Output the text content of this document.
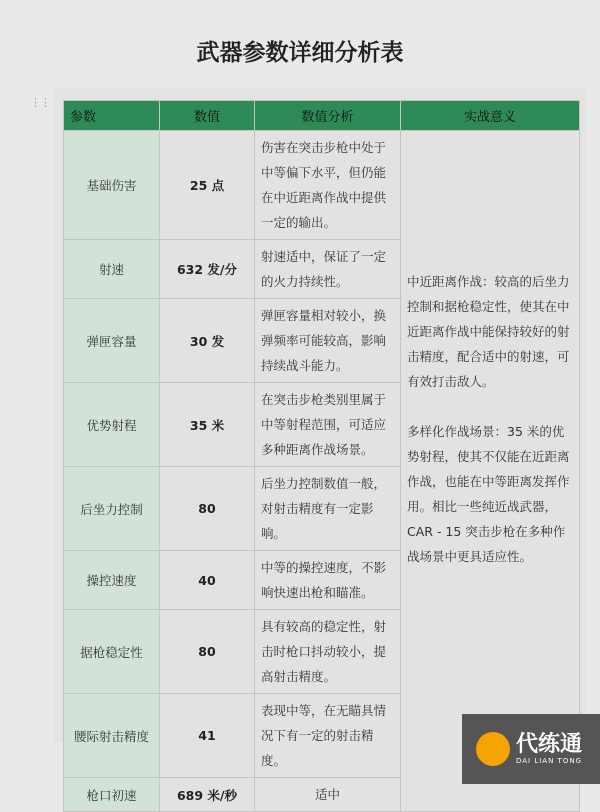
武器参数详细分析表
⋮⋮
参数	数值	数值分析	实战意义
基础伤害	25 点	伤害在突击步枪中处于中等偏下水平，但仍能在中近距离作战中提供一定的输出。	中近距离作战：较高的后坐力控制和据枪稳定性，使其在中近距离作战中能保持较好的射击精度，配合适中的射速，可有效打击敌人。
多样化作战场景：35 米的优势射程，使其不仅能在近距离作战，也能在中等距离发挥作用。相比一些纯近战武器，CAR - 15 突击步枪在多种作战场景中更具适应性。

射速	632 发/分	射速适中，保证了一定的火力持续性。	
弹匣容量	30 发	弹匣容量相对较小，换弹频率可能较高，影响持续战斗能力。	
优势射程	35 米	在突击步枪类别里属于中等射程范围，可适应多种距离作战场景。	
后坐力控制	80	后坐力控制数值一般，对射击精度有一定影响。	
操控速度	40	中等的操控速度，不影响快速出枪和瞄准。	
据枪稳定性	80	具有较高的稳定性，射击时枪口抖动较小，提高射击精度。	
腰际射击精度	41	表现中等，在无瞄具情况下有一定的射击精度。	
枪口初速	689 米/秒	适中	
代练通
DAI LIAN TONG
